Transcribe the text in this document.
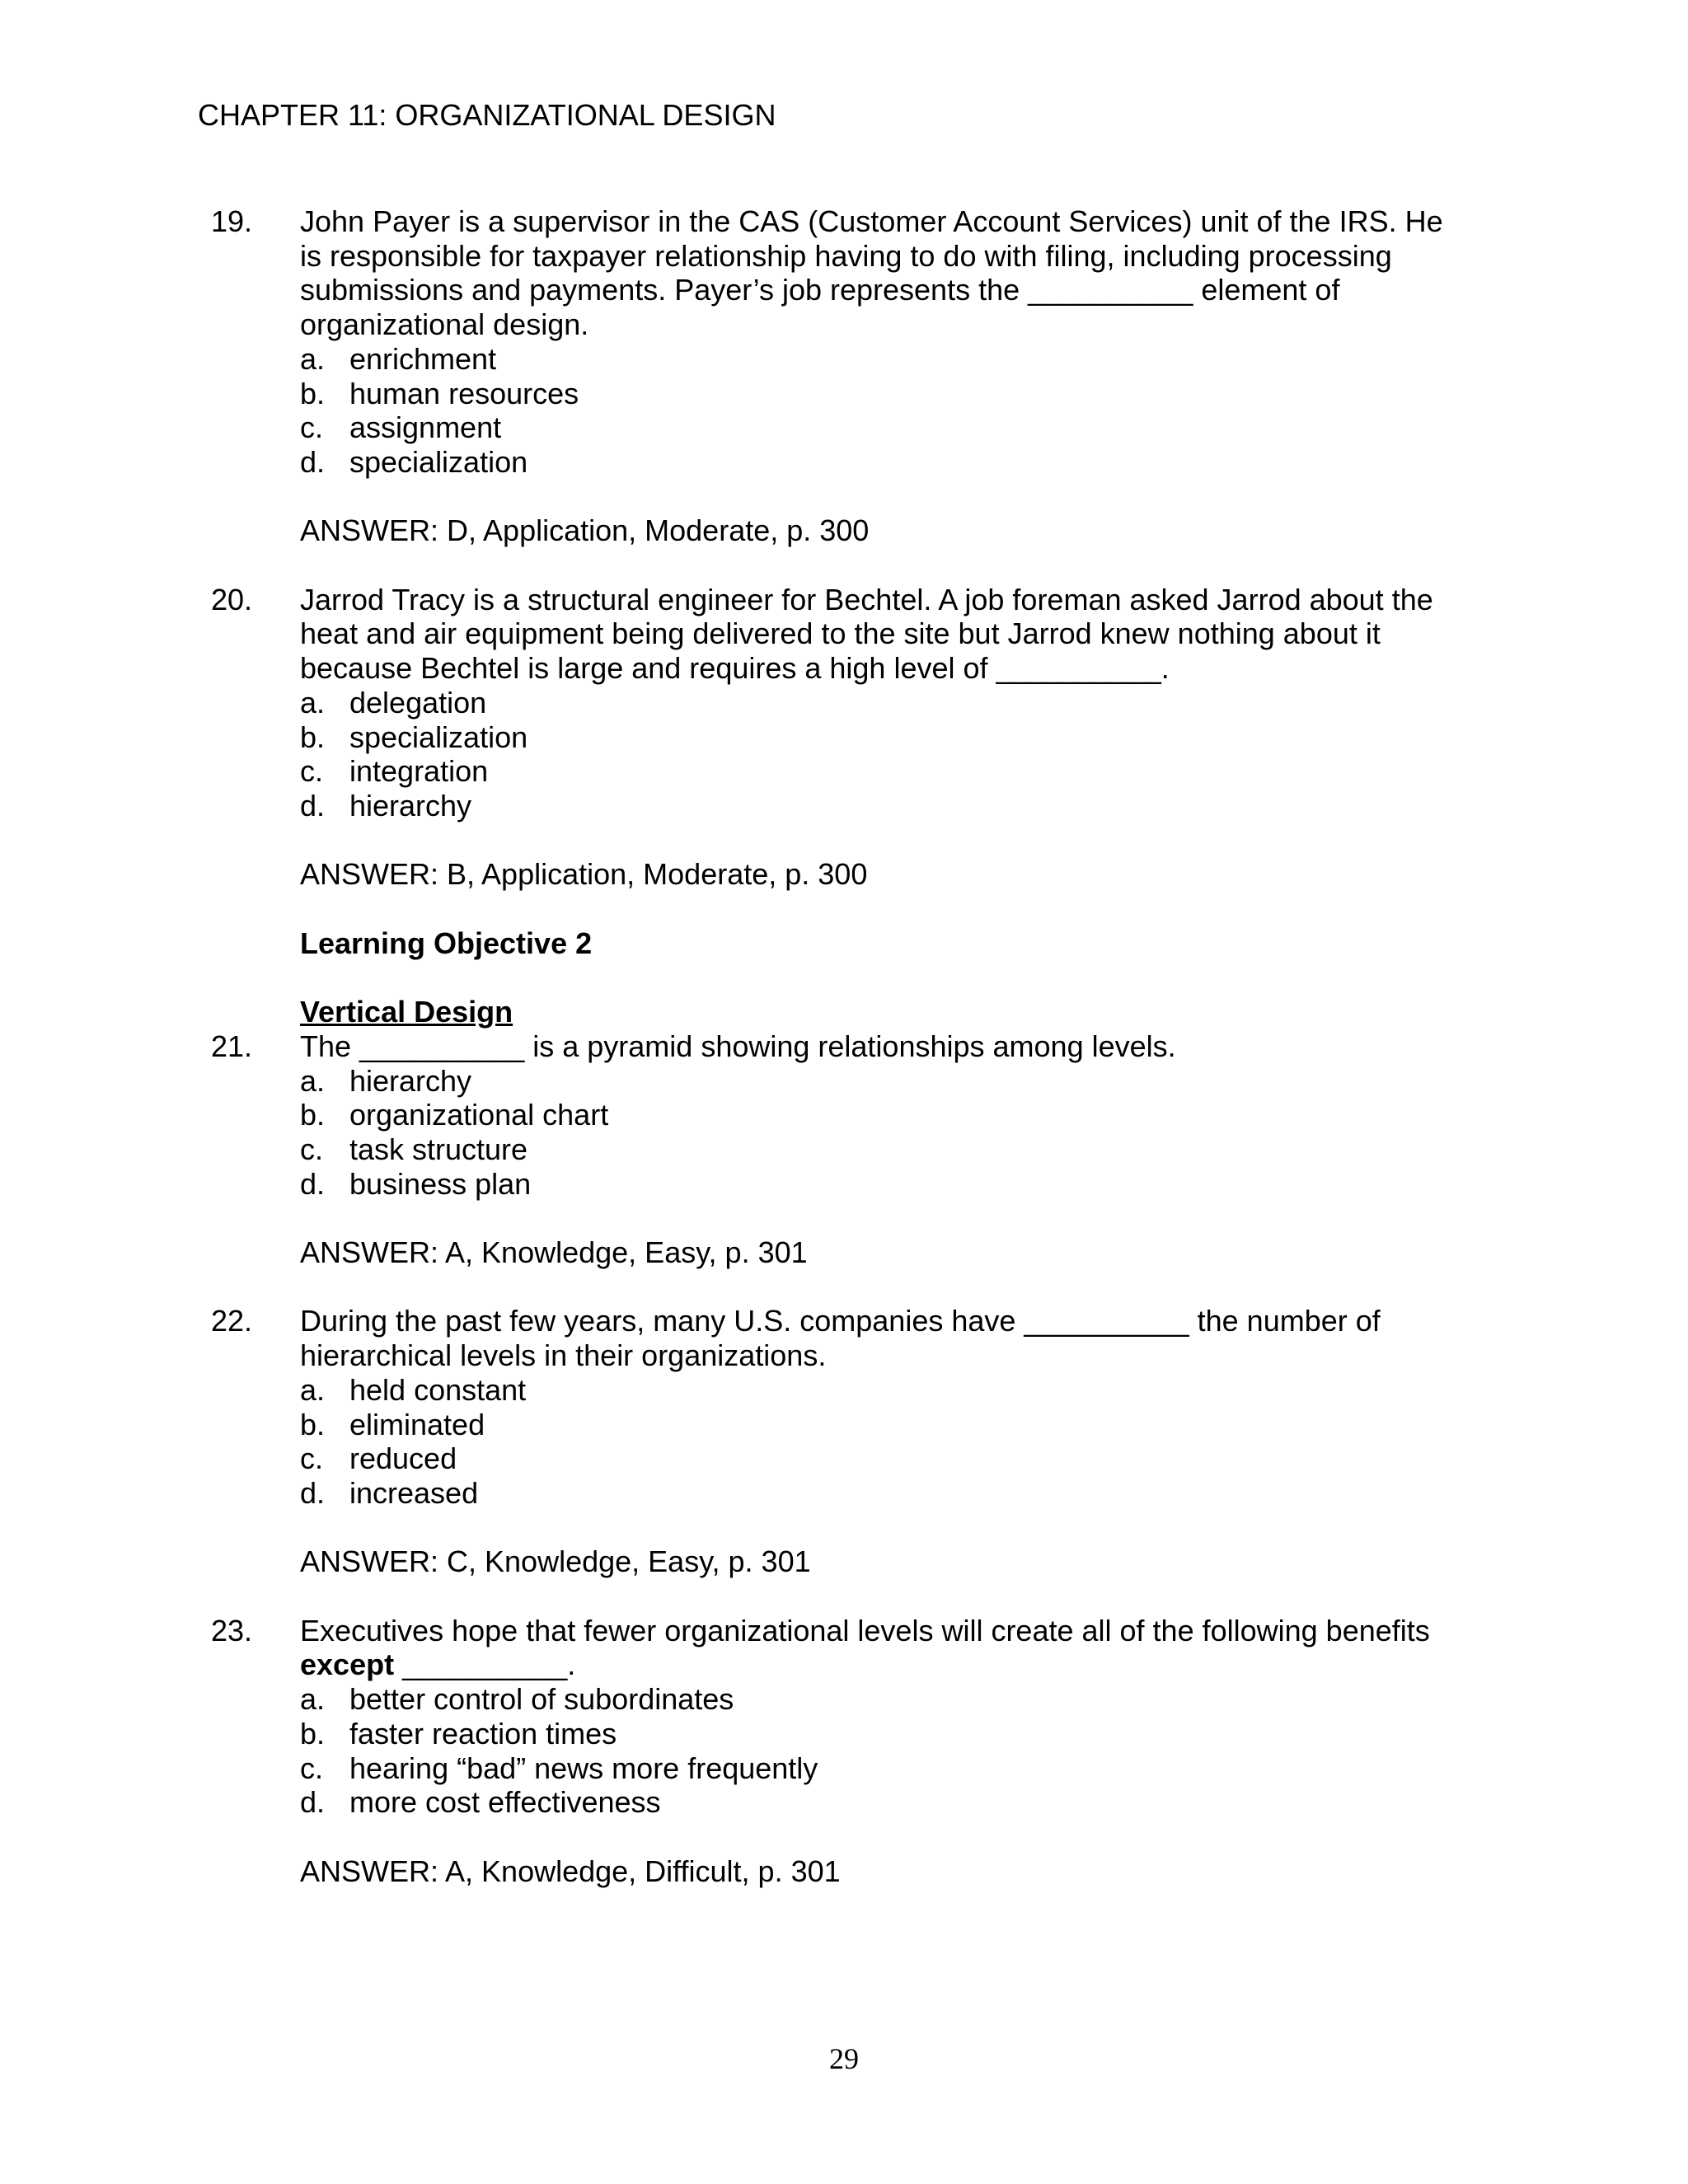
CHAPTER 11: ORGANIZATIONAL DESIGN
19. John Payer is a supervisor in the CAS (Customer Account Services) unit of the IRS. He
is responsible for taxpayer relationship having to do with filing, including processing
submissions and payments. Payer’s job represents the __________ element of
organizational design.
a. enrichment
b. human resources
c. assignment
d. specialization
ANSWER: D, Application, Moderate, p. 300
20. Jarrod Tracy is a structural engineer for Bechtel. A job foreman asked Jarrod about the
heat and air equipment being delivered to the site but Jarrod knew nothing about it
because Bechtel is large and requires a high level of __________.
a. delegation
b. specialization
c. integration
d. hierarchy
ANSWER: B, Application, Moderate, p. 300
Learning Objective 2
Vertical Design
21. The __________ is a pyramid showing relationships among levels.
a. hierarchy
b. organizational chart
c. task structure
d. business plan
ANSWER: A, Knowledge, Easy, p. 301
22. During the past few years, many U.S. companies have __________ the number of
hierarchical levels in their organizations.
a. held constant
b. eliminated
c. reduced
d. increased
ANSWER: C, Knowledge, Easy, p. 301
23. Executives hope that fewer organizational levels will create all of the following benefits
except __________.
a. better control of subordinates
b. faster reaction times
c. hearing “bad” news more frequently
d. more cost effectiveness
ANSWER: A, Knowledge, Difficult, p. 301
29
